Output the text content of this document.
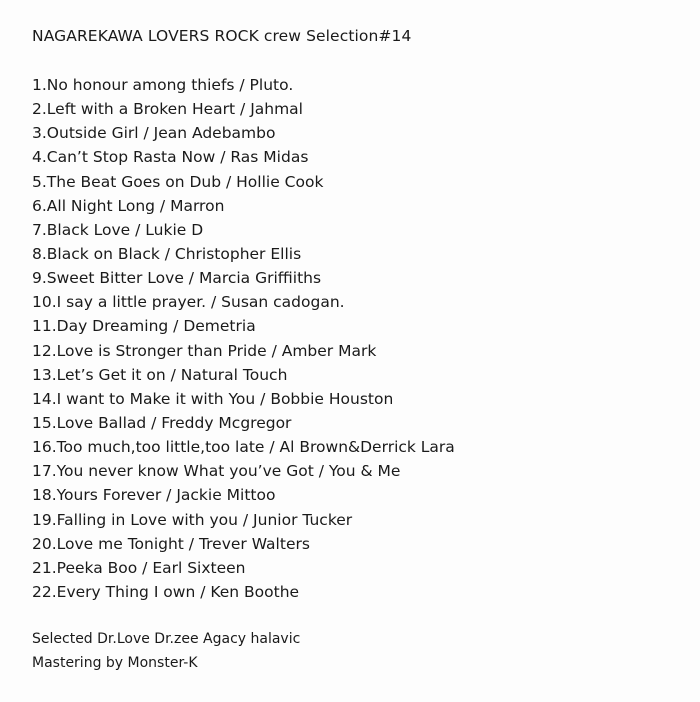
NAGAREKAWA LOVERS ROCK crew Selection#14
1.No honour among thiefs / Pluto.
2.Left with a Broken Heart / Jahmal
3.Outside Girl / Jean Adebambo
4.Can’t Stop Rasta Now / Ras Midas
5.The Beat Goes on Dub / Hollie Cook
6.All Night Long / Marron
7.Black Love / Lukie D
8.Black on Black / Christopher Ellis
9.Sweet Bitter Love / Marcia Griffiiths
10.I say a little prayer. / Susan cadogan.
11.Day Dreaming / Demetria
12.Love is Stronger than Pride / Amber Mark
13.Let’s Get it on / Natural Touch
14.I want to Make it with You / Bobbie Houston
15.Love Ballad / Freddy Mcgregor
16.Too much,too little,too late / Al Brown&Derrick Lara
17.You never know What you’ve Got / You & Me
18.Yours Forever / Jackie Mittoo
19.Falling in Love with you / Junior Tucker
20.Love me Tonight / Trever Walters
21.Peeka Boo / Earl Sixteen
22.Every Thing I own / Ken Boothe
Selected Dr.Love Dr.zee Agacy halavic
Mastering by Monster-K
